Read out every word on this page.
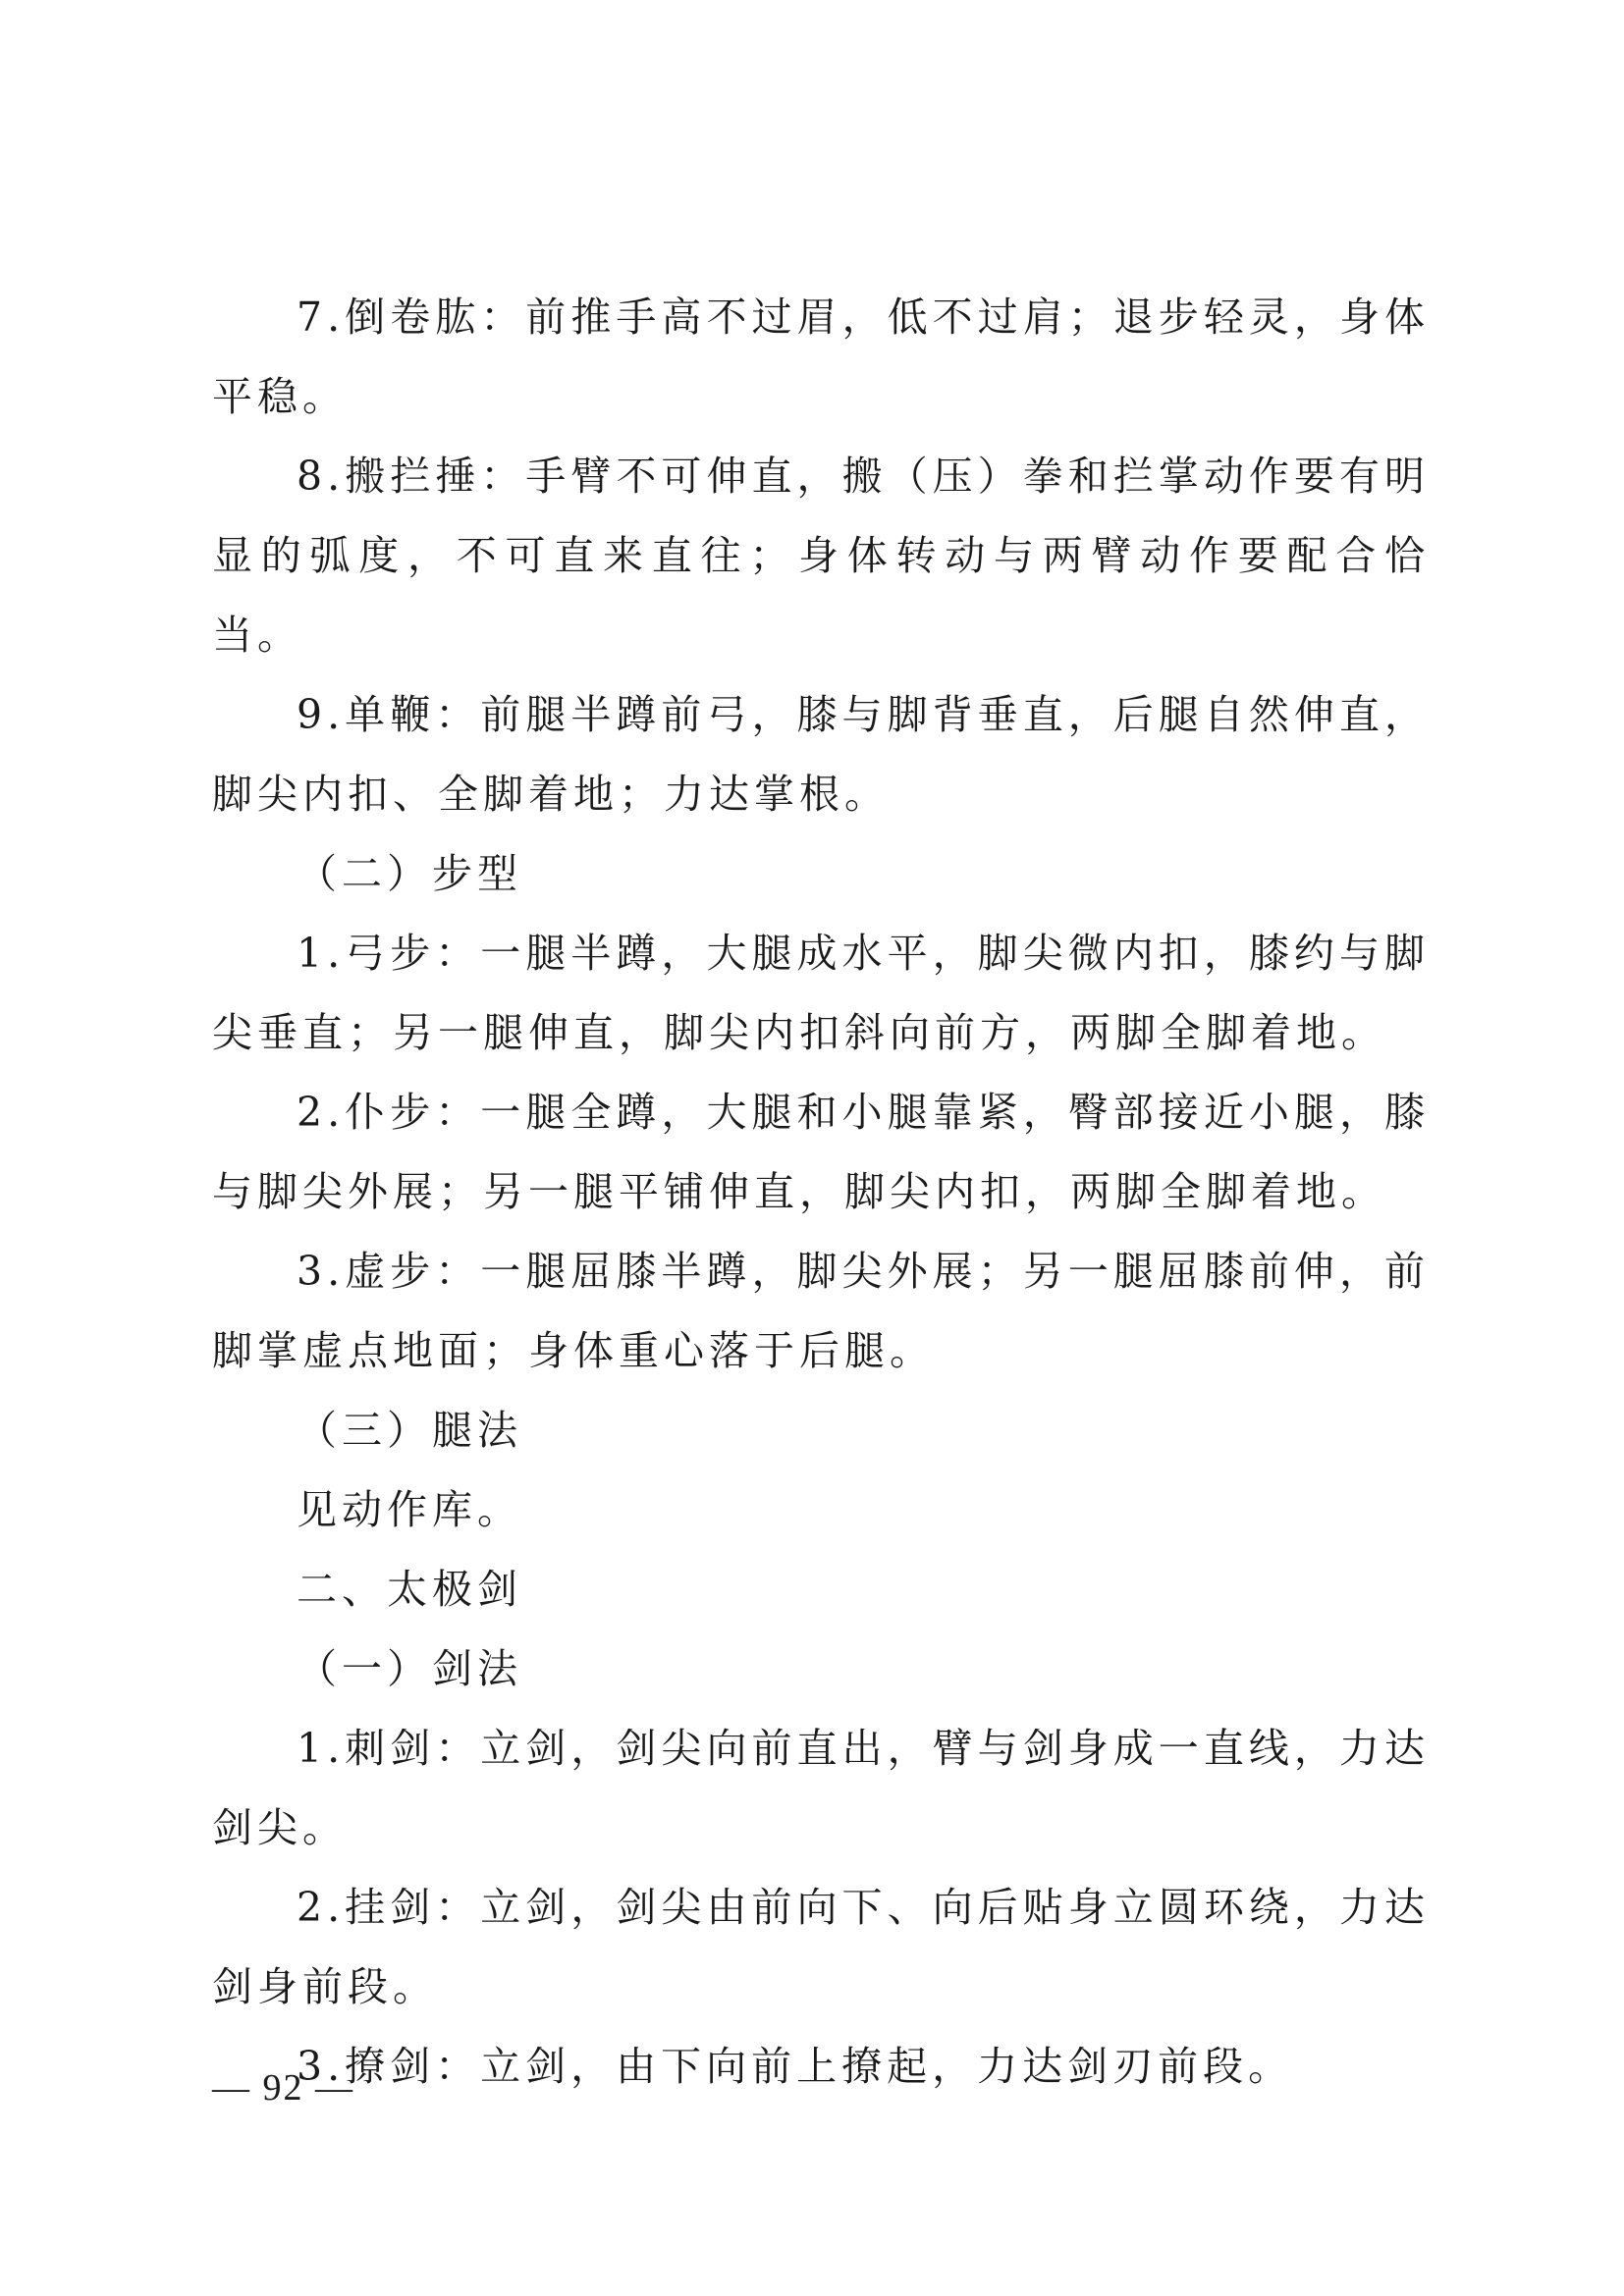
7.倒卷肱：前推手高不过眉，低不过肩；退步轻灵，身体平稳。

8.搬拦捶：手臂不可伸直，搬（压）拳和拦掌动作要有明显的弧度，不可直来直往；身体转动与两臂动作要配合恰当。

9.单鞭：前腿半蹲前弓，膝与脚背垂直，后腿自然伸直，脚尖内扣、全脚着地；力达掌根。

（二）步型

1.弓步：一腿半蹲，大腿成水平，脚尖微内扣，膝约与脚尖垂直；另一腿伸直，脚尖内扣斜向前方，两脚全脚着地。

2.仆步：一腿全蹲，大腿和小腿靠紧，臀部接近小腿，膝与脚尖外展；另一腿平铺伸直，脚尖内扣，两脚全脚着地。

3.虚步：一腿屈膝半蹲，脚尖外展；另一腿屈膝前伸，前脚掌虚点地面；身体重心落于后腿。

（三）腿法

见动作库。

二、太极剑

（一）剑法

1.刺剑：立剑，剑尖向前直出，臂与剑身成一直线，力达剑尖。

2.挂剑：立剑，剑尖由前向下、向后贴身立圆环绕，力达剑身前段。

3.撩剑：立剑，由下向前上撩起，力达剑刃前段。

— 92 —
